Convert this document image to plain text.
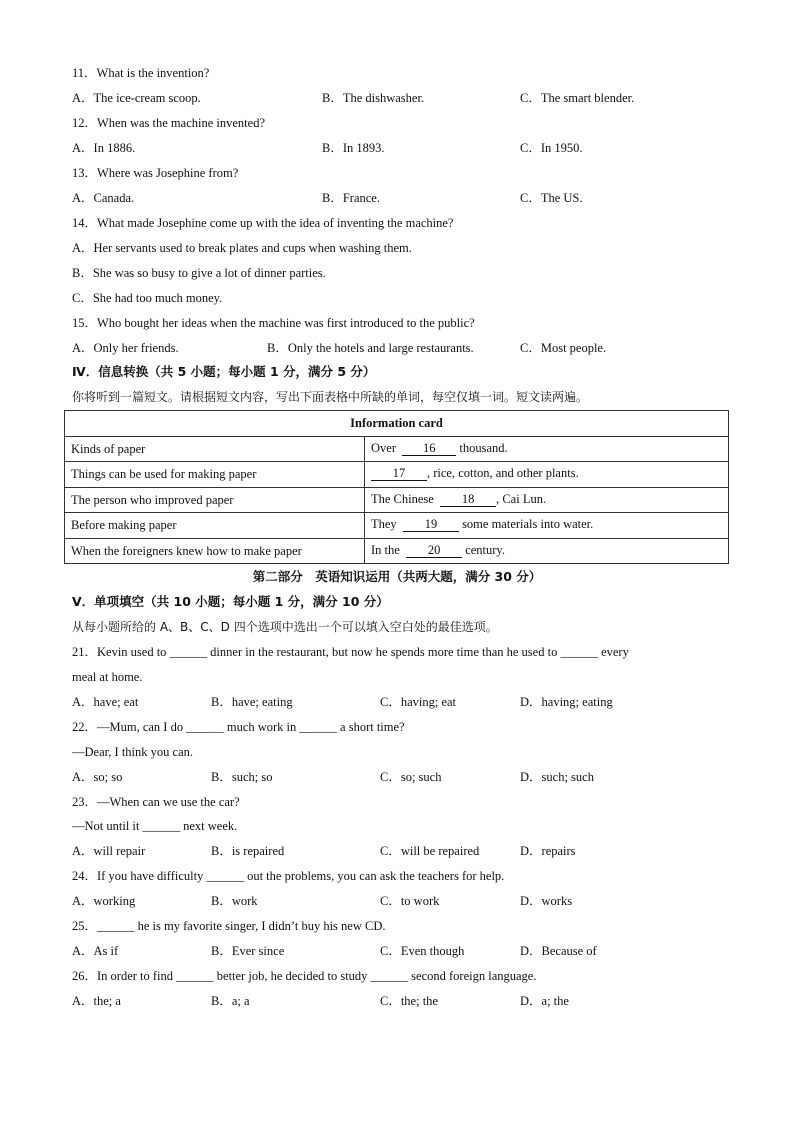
11．What is the invention?
A．The ice-cream scoop.	B．The dishwasher.	C．The smart blender.
12．When was the machine invented?
A．In 1886.	B．In 1893.	C．In 1950.
13．Where was Josephine from?
A．Canada.	B．France.	C．The US.
14．What made Josephine come up with the idea of inventing the machine?
A．Her servants used to break plates and cups when washing them.
B．She was so busy to give a lot of dinner parties.
C．She had too much money.
15．Who bought her ideas when the machine was first introduced to the public?
A．Only her friends.	B．Only the hotels and large restaurants.	C．Most people.
Ⅳ．信息转换（共 5 小题；每小题 1 分，满分 5 分）
你将听到一篇短文。请根据短文内容，写出下面表格中所缺的单词，每空仅填一词。短文读两遍。
Information card	
Kinds of paper	Over  16 thousand.
Things can be used for making paper	17 , rice, cotton, and other plants.
The person who improved paper	The Chinese  18 , Cai Lun.
Before making paper	They  19 some materials into water.
When the foreigners knew how to make paper	In the  20 century.
第二部分　英语知识运用（共两大题，满分 30 分）
Ⅴ．单项填空（共 10 小题；每小题 1 分，满分 10 分）
从每小题所给的 A、B、C、D 四个选项中选出一个可以填入空白处的最佳选项。
21．Kevin used to ______ dinner in the restaurant, but now he spends more time than he used to ______ every
meal at home.
A．have; eat	B．have; eating	C．having; eat	D．having; eating
22．—Mum, can I do ______ much work in ______ a short time?
—Dear, I think you can.
A．so; so	B．such; so	C．so; such	D．such; such
23．—When can we use the car?
—Not until it ______ next week.
A．will repair	B．is repaired	C．will be repaired	D．repairs
24．If you have difficulty ______ out the problems, you can ask the teachers for help.
A．working	B．work	C．to work	D．works
25．______ he is my favorite singer, I didn’t buy his new CD.
A．As if	B．Ever since	C．Even though	D．Because of
26．In order to find ______ better job, he decided to study ______ second foreign language.
A．the; a	B．a; a	C．the; the	D．a; the
